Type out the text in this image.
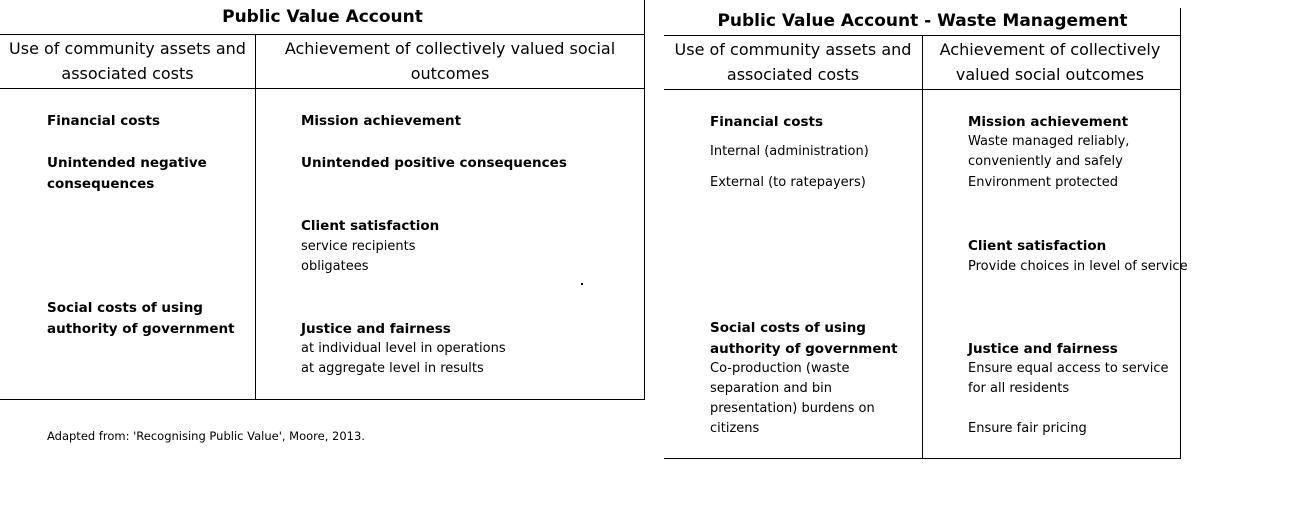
Public Value Account
Use of community assets and associated costs
Achievement of collectively valued social outcomes
Financial costs
Unintended negative consequences
Social costs of using authority of government
Mission achievement
Unintended positive consequences
Client satisfaction
service recipients
obligatees
Justice and fairness
at individual level in operations
at aggregate level in results
Adapted from: 'Recognising Public Value', Moore, 2013.
Public Value Account - Waste Management
Use of community assets and associated costs
Achievement of collectively valued social outcomes
Financial costs
Internal (administration)
External (to ratepayers)
Social costs of using authority of government
Co-production (waste separation and bin presentation) burdens on citizens
Mission achievement
Waste managed reliably, conveniently and safely
Environment protected
Client satisfaction
Provide choices in level of service
Justice and fairness
Ensure equal access to service for all residents
Ensure fair pricing
